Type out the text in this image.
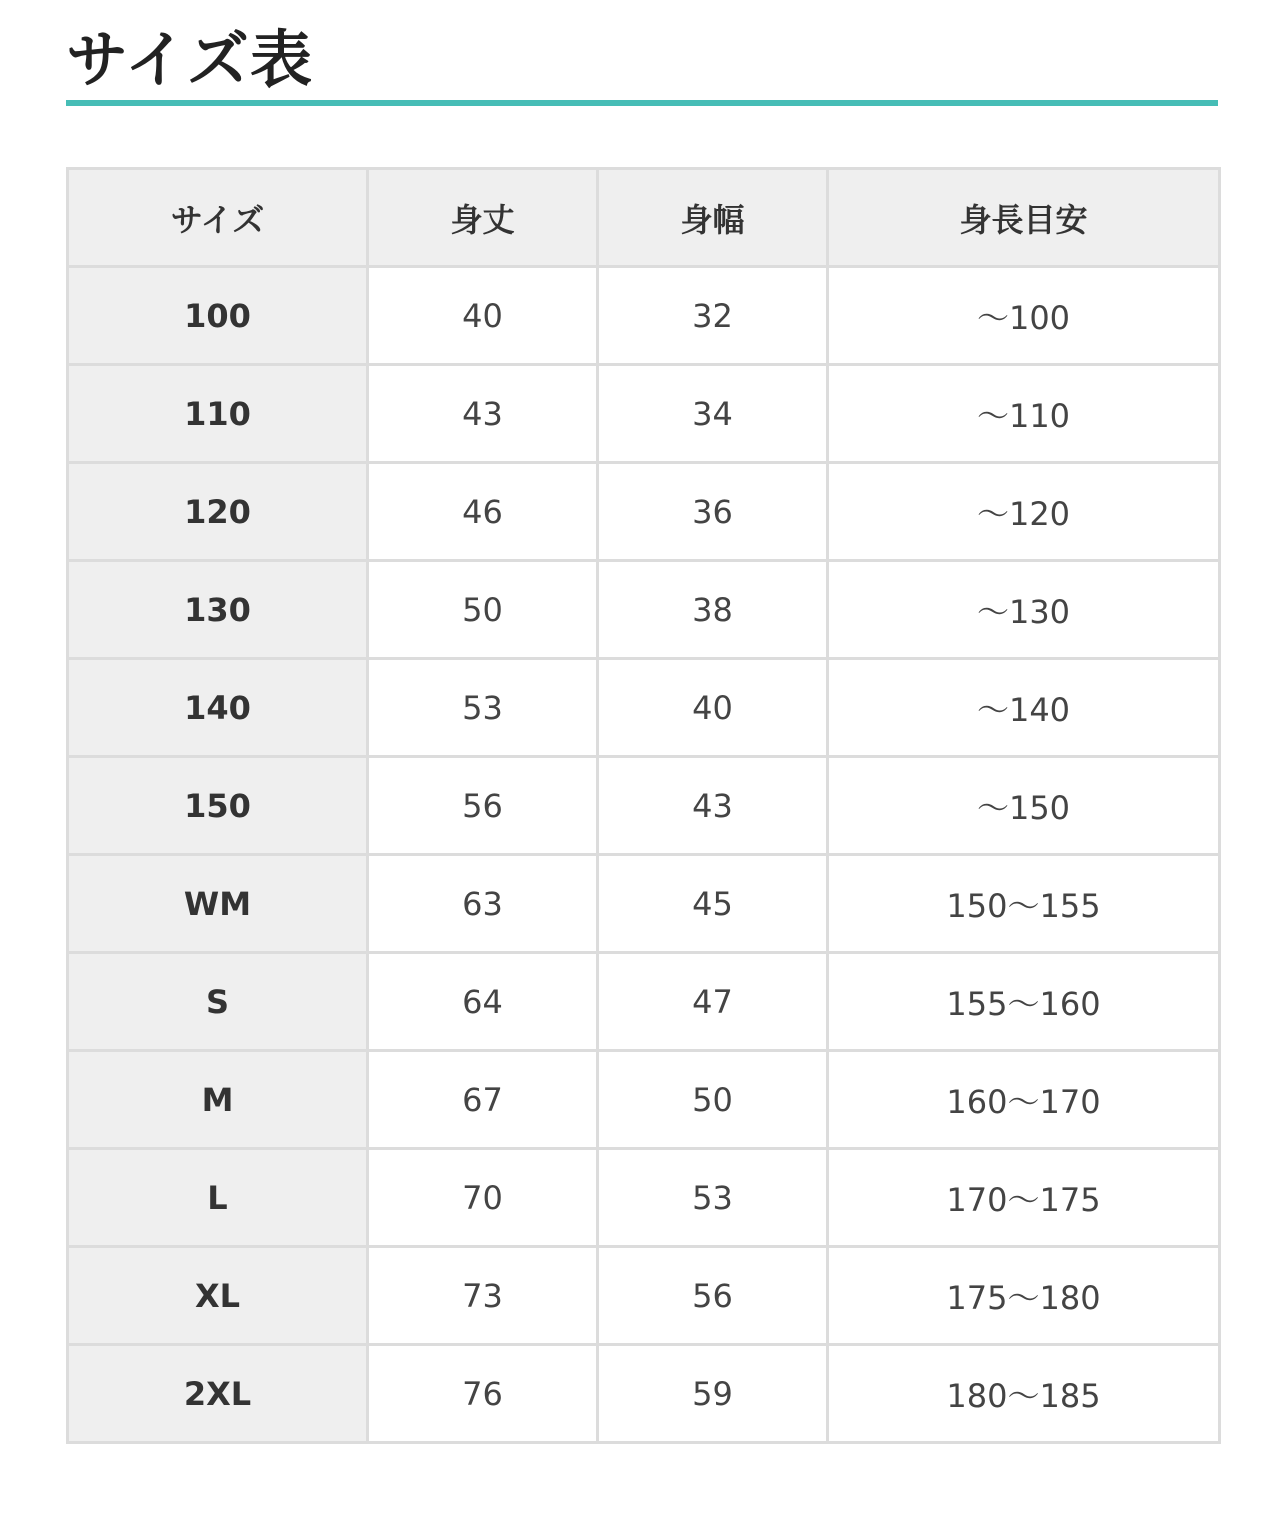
サイズ表
サイズ	身丈	身幅	身長目安
100	40	32	～100
110	43	34	～110
120	46	36	～120
130	50	38	～130
140	53	40	～140
150	56	43	～150
WM	63	45	150～155
S	64	47	155～160
M	67	50	160～170
L	70	53	170～175
XL	73	56	175～180
2XL	76	59	180～185
